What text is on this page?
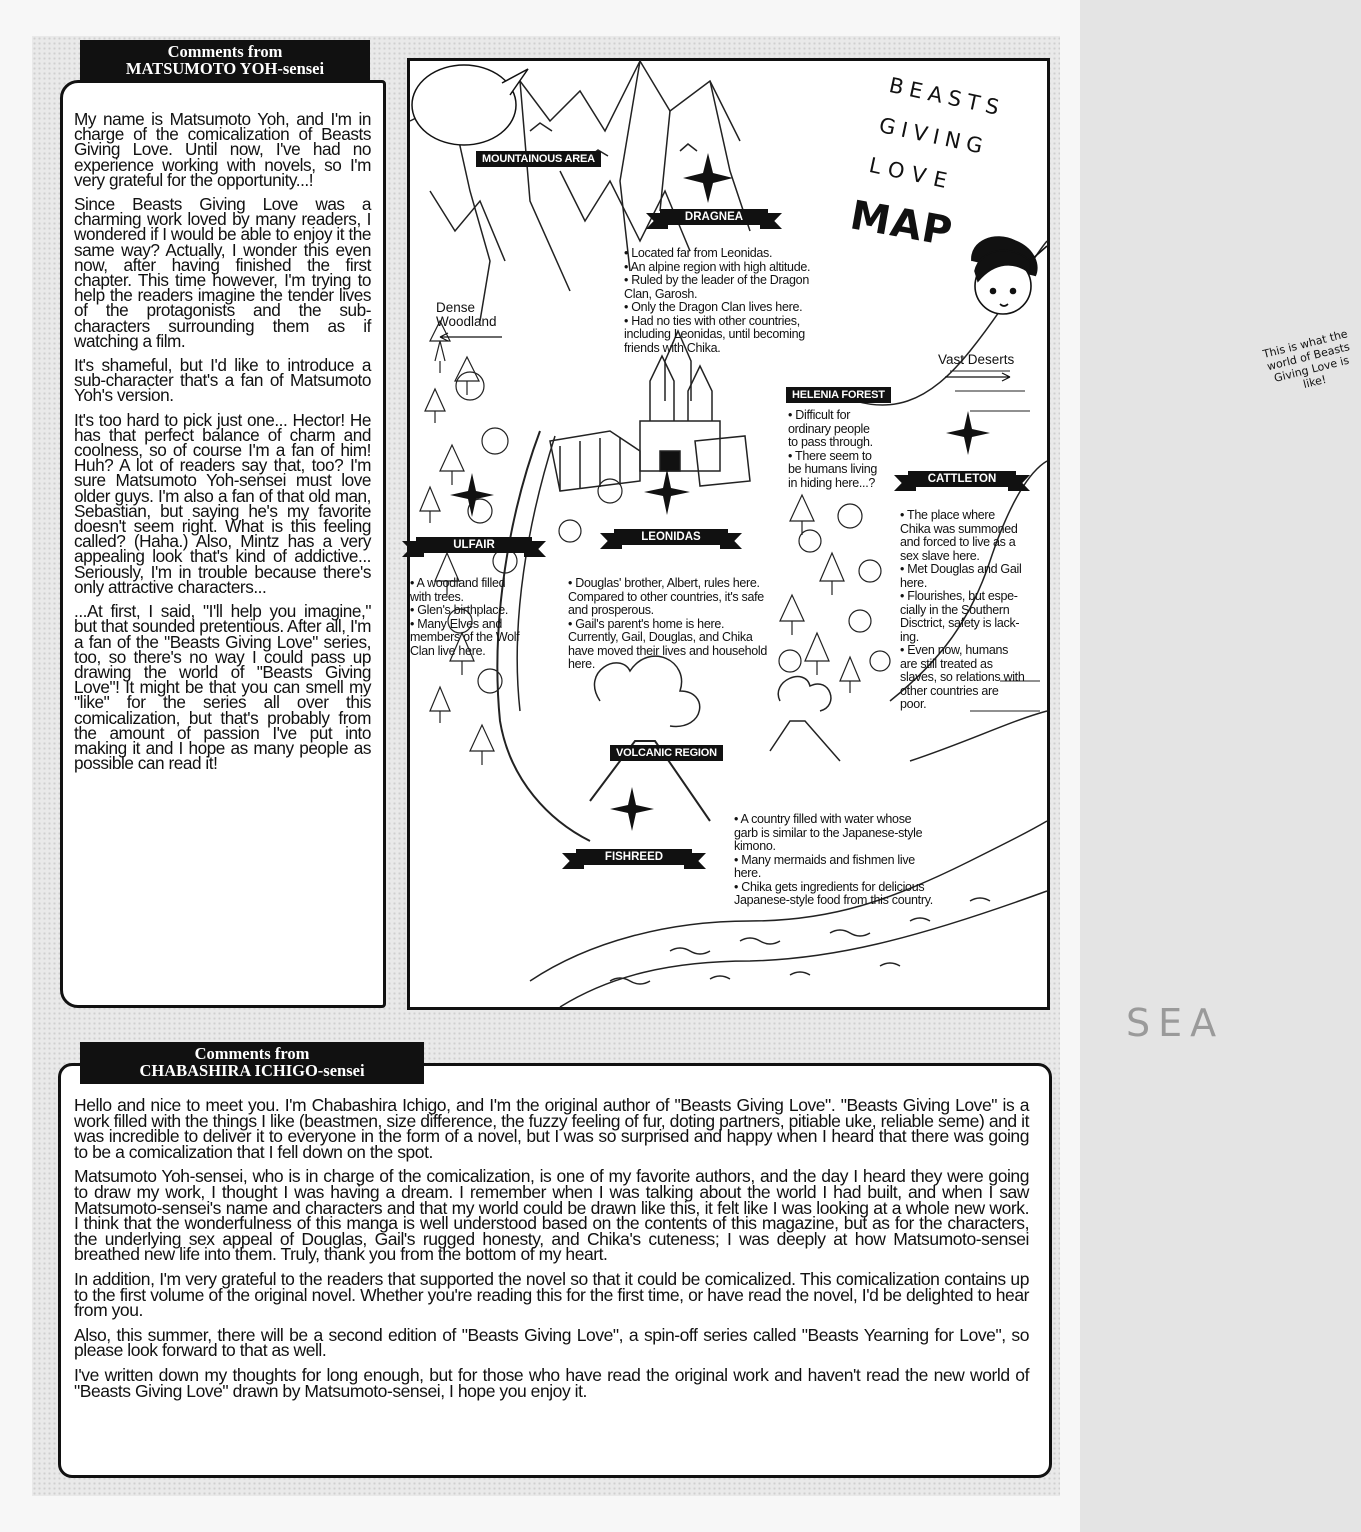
Comments from
MATSUMOTO YOH-sensei

My name is Matsumoto Yoh, and I'm in charge of the comicalization of Beasts Giving Love. Until now, I've had no experience working with novels, so I'm very grateful for the opportunity...!

Since Beasts Giving Love was a charming work loved by many readers, I wondered if I would be able to enjoy it the same way? Actually, I wonder this even now, after having finished the first chapter. This time however, I'm trying to help the readers imagine the tender lives of the protagonists and the sub-characters surrounding them as if watching a film.

It's shameful, but I'd like to introduce a sub-character that's a fan of Matsumoto Yoh's version.

It's too hard to pick just one... Hector! He has that perfect balance of charm and coolness, so of course I'm a fan of him! Huh? A lot of readers say that, too? I'm sure Matsumoto Yoh-sensei must love older guys. I'm also a fan of that old man, Sebastian, but saying he's my favorite doesn't seem right. What is this feeling called? (Haha.) Also, Mintz has a very appealing look that's kind of addictive... Seriously, I'm in trouble because there's only attractive characters...

...At first, I said, "I'll help you imagine," but that sounded pretentious. After all, I'm a fan of the "Beasts Giving Love" series, too, so there's no way I could pass up drawing the world of "Beasts Giving Love"! It might be that you can smell my "like" for the series all over this comicalization, but that's probably from the amount of passion I've put into making it and I hope as many people as possible can read it!

BEASTS
GIVING
LOVE
MAP
This is what the world of Beasts Giving Love is like!
MOUNTAINOUS AREA
Dense
Woodland
Vast Deserts
SEA
DRAGNEA
HELENIA FOREST
CATTLETON
ULFAIR
LEONIDAS
VOLCANIC REGION
FISHREED
• Located far from Leonidas.
• An alpine region with high altitude.
• Ruled by the leader of the Dragon
Clan, Garosh.
• Only the Dragon Clan lives here.
• Had no ties with other countries,
including Leonidas, until becoming
friends with Chika.
• Difficult for
ordinary people
to pass through.
• There seem to
be humans living
in hiding here...?
• The place where
Chika was summoned
and forced to live as a
sex slave here.
• Met Douglas and Gail
here.
• Flourishes, but espe-
cially in the Southern
Disctrict, safety is lack-
ing.
• Even now, humans
are still treated as
slaves, so relations with
other countries are
poor.
• A woodland filled
with trees.
• Glen's birthplace.
• Many Elves and
members of the Wolf
Clan live here.
• Douglas' brother, Albert, rules here.
Compared to other countries, it's safe
and prosperous.
• Gail's parent's home is here.
Currently, Gail, Douglas, and Chika
have moved their lives and household
here.
• A country filled with water whose
garb is similar to the Japanese-style
kimono.
• Many mermaids and fishmen live
here.
• Chika gets ingredients for delicious
Japanese-style food from this country.
Comments from
CHABASHIRA ICHIGO-sensei

Hello and nice to meet you. I'm Chabashira Ichigo, and I'm the original author of "Beasts Giving Love". "Beasts Giving Love" is a work filled with the things I like (beastmen, size difference, the fuzzy feeling of fur, doting partners, pitiable uke, reliable seme) and it was incredible to deliver it to everyone in the form of a novel, but I was so surprised and happy when I heard that there was going to be a comicalization that I fell down on the spot.

Matsumoto Yoh-sensei, who is in charge of the comicalization, is one of my favorite authors, and the day I heard they were going to draw my work, I thought I was having a dream. I remember when I was talking about the world I had built, and when I saw Matsumoto-sensei's name and characters and that my world could be drawn like this, it felt like I was looking at a whole new work. I think that the wonderfulness of this manga is well understood based on the contents of this magazine, but as for the characters, the underlying sex appeal of Douglas, Gail's rugged honesty, and Chika's cuteness; I was deeply at how Matsumoto-sensei breathed new life into them. Truly, thank you from the bottom of my heart.

In addition, I'm very grateful to the readers that supported the novel so that it could be comicalized. This comicalization contains up to the first volume of the original novel. Whether you're reading this for the first time, or have read the novel, I'd be delighted to hear from you.

Also, this summer, there will be a second edition of "Beasts Giving Love", a spin-off series called "Beasts Yearning for Love", so please look forward to that as well.

I've written down my thoughts for long enough, but for those who have read the original work and haven't read the new world of "Beasts Giving Love" drawn by Matsumoto-sensei, I hope you enjoy it.
